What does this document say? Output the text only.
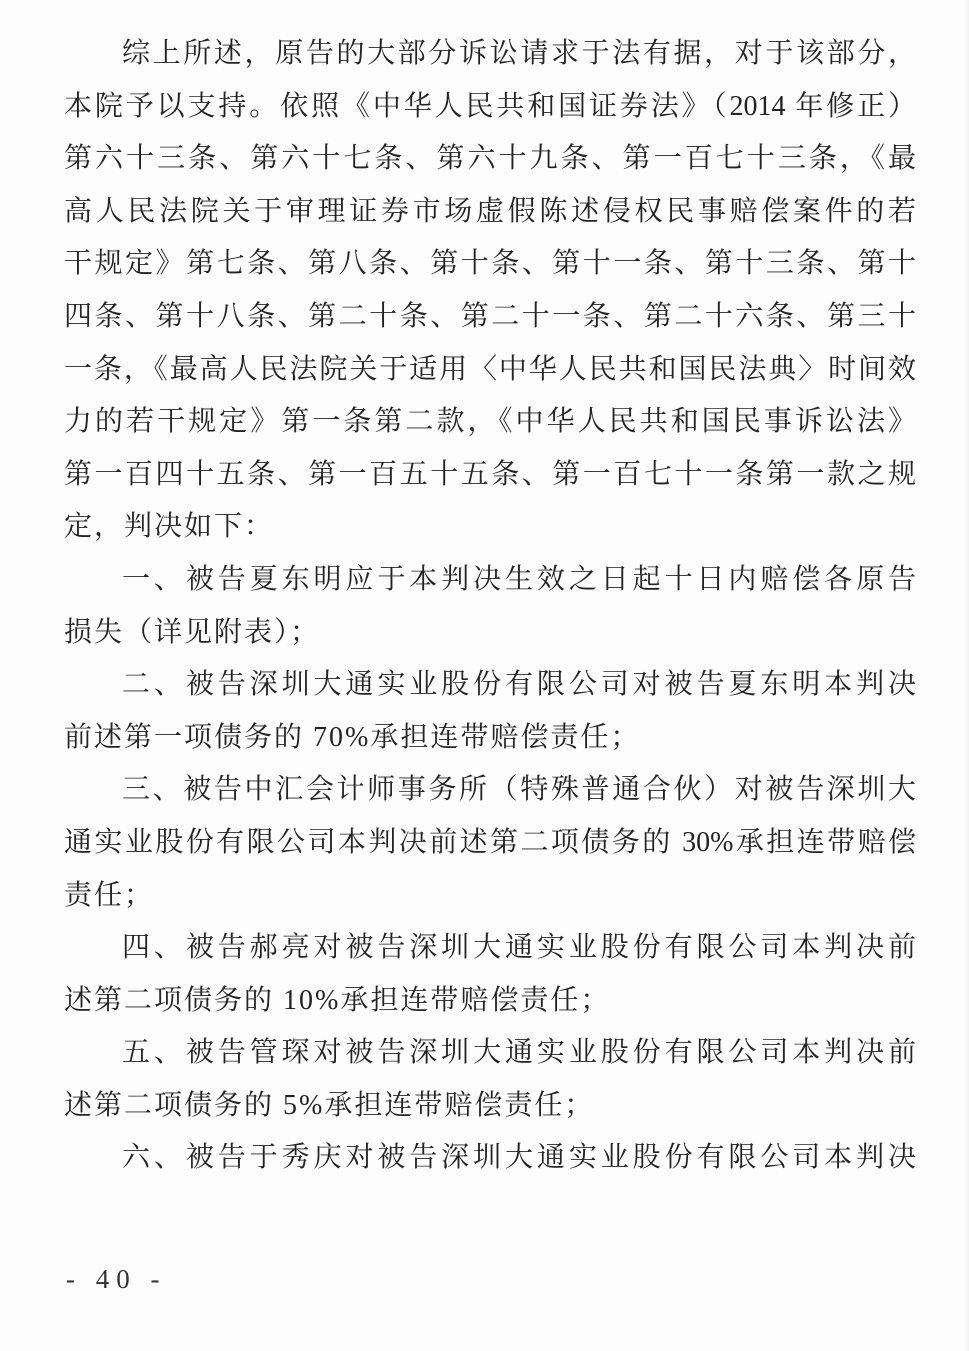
综上所述，原告的大部分诉讼请求于法有据，对于该部分，
本院予以支持。依照《中华人民共和国证券法》（2014 年修正）
第六十三条、第六十七条、第六十九条、第一百七十三条，《最
高人民法院关于审理证券市场虚假陈述侵权民事赔偿案件的若
干规定》第七条、第八条、第十条、第十一条、第十三条、第十
四条、第十八条、第二十条、第二十一条、第二十六条、第三十
一条，《最高人民法院关于适用〈中华人民共和国民法典〉时间效
力的若干规定》第一条第二款，《中华人民共和国民事诉讼法》
第一百四十五条、第一百五十五条、第一百七十一条第一款之规
定，判决如下：
一、被告夏东明应于本判决生效之日起十日内赔偿各原告
损失（详见附表）；
二、被告深圳大通实业股份有限公司对被告夏东明本判决
前述第一项债务的 70%承担连带赔偿责任；
三、被告中汇会计师事务所（特殊普通合伙）对被告深圳大
通实业股份有限公司本判决前述第二项债务的 30%承担连带赔偿
责任；
四、被告郝亮对被告深圳大通实业股份有限公司本判决前
述第二项债务的 10%承担连带赔偿责任；
五、被告管琛对被告深圳大通实业股份有限公司本判决前
述第二项债务的 5%承担连带赔偿责任；
六、被告于秀庆对被告深圳大通实业股份有限公司本判决
- 40 -
